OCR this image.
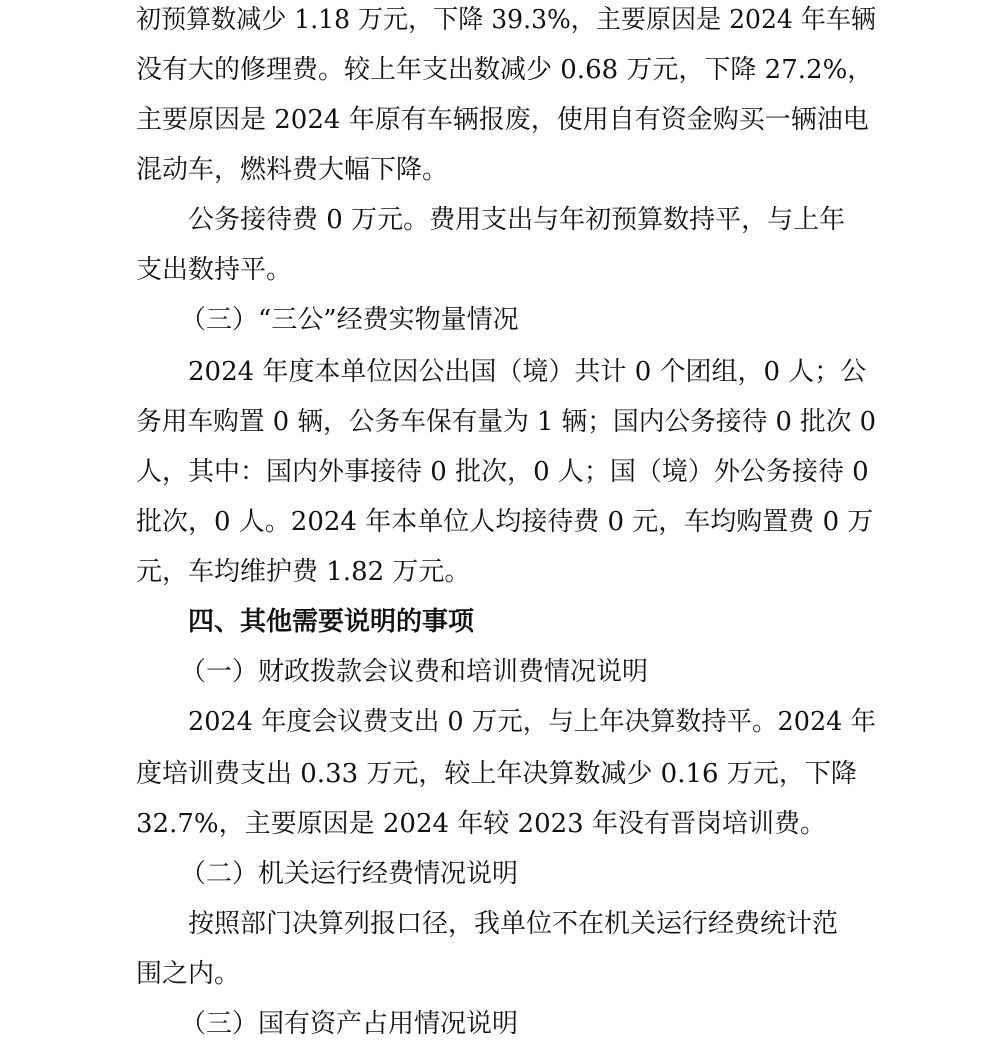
初预算数减少 1.18 万元，下降 39.3%，主要原因是 2024 年车辆
没有大的修理费。较上年支出数减少 0.68 万元，下降 27.2%，
主要原因是 2024 年原有车辆报废，使用自有资金购买一辆油电
混动车，燃料费大幅下降。
公务接待费 0 万元。费用支出与年初预算数持平，与上年
支出数持平。
（三）“三公”经费实物量情况
2024 年度本单位因公出国（境）共计 0 个团组，0 人；公
务用车购置 0 辆，公务车保有量为 1 辆；国内公务接待 0 批次 0
人，其中：国内外事接待 0 批次，0 人；国（境）外公务接待 0
批次，0 人。2024 年本单位人均接待费 0 元，车均购置费 0 万
元，车均维护费 1.82 万元。
四、其他需要说明的事项
（一）财政拨款会议费和培训费情况说明
2024 年度会议费支出 0 万元，与上年决算数持平。2024 年
度培训费支出 0.33 万元，较上年决算数减少 0.16 万元，下降
32.7%，主要原因是 2024 年较 2023 年没有晋岗培训费。
（二）机关运行经费情况说明
按照部门决算列报口径，我单位不在机关运行经费统计范
围之内。
（三）国有资产占用情况说明
